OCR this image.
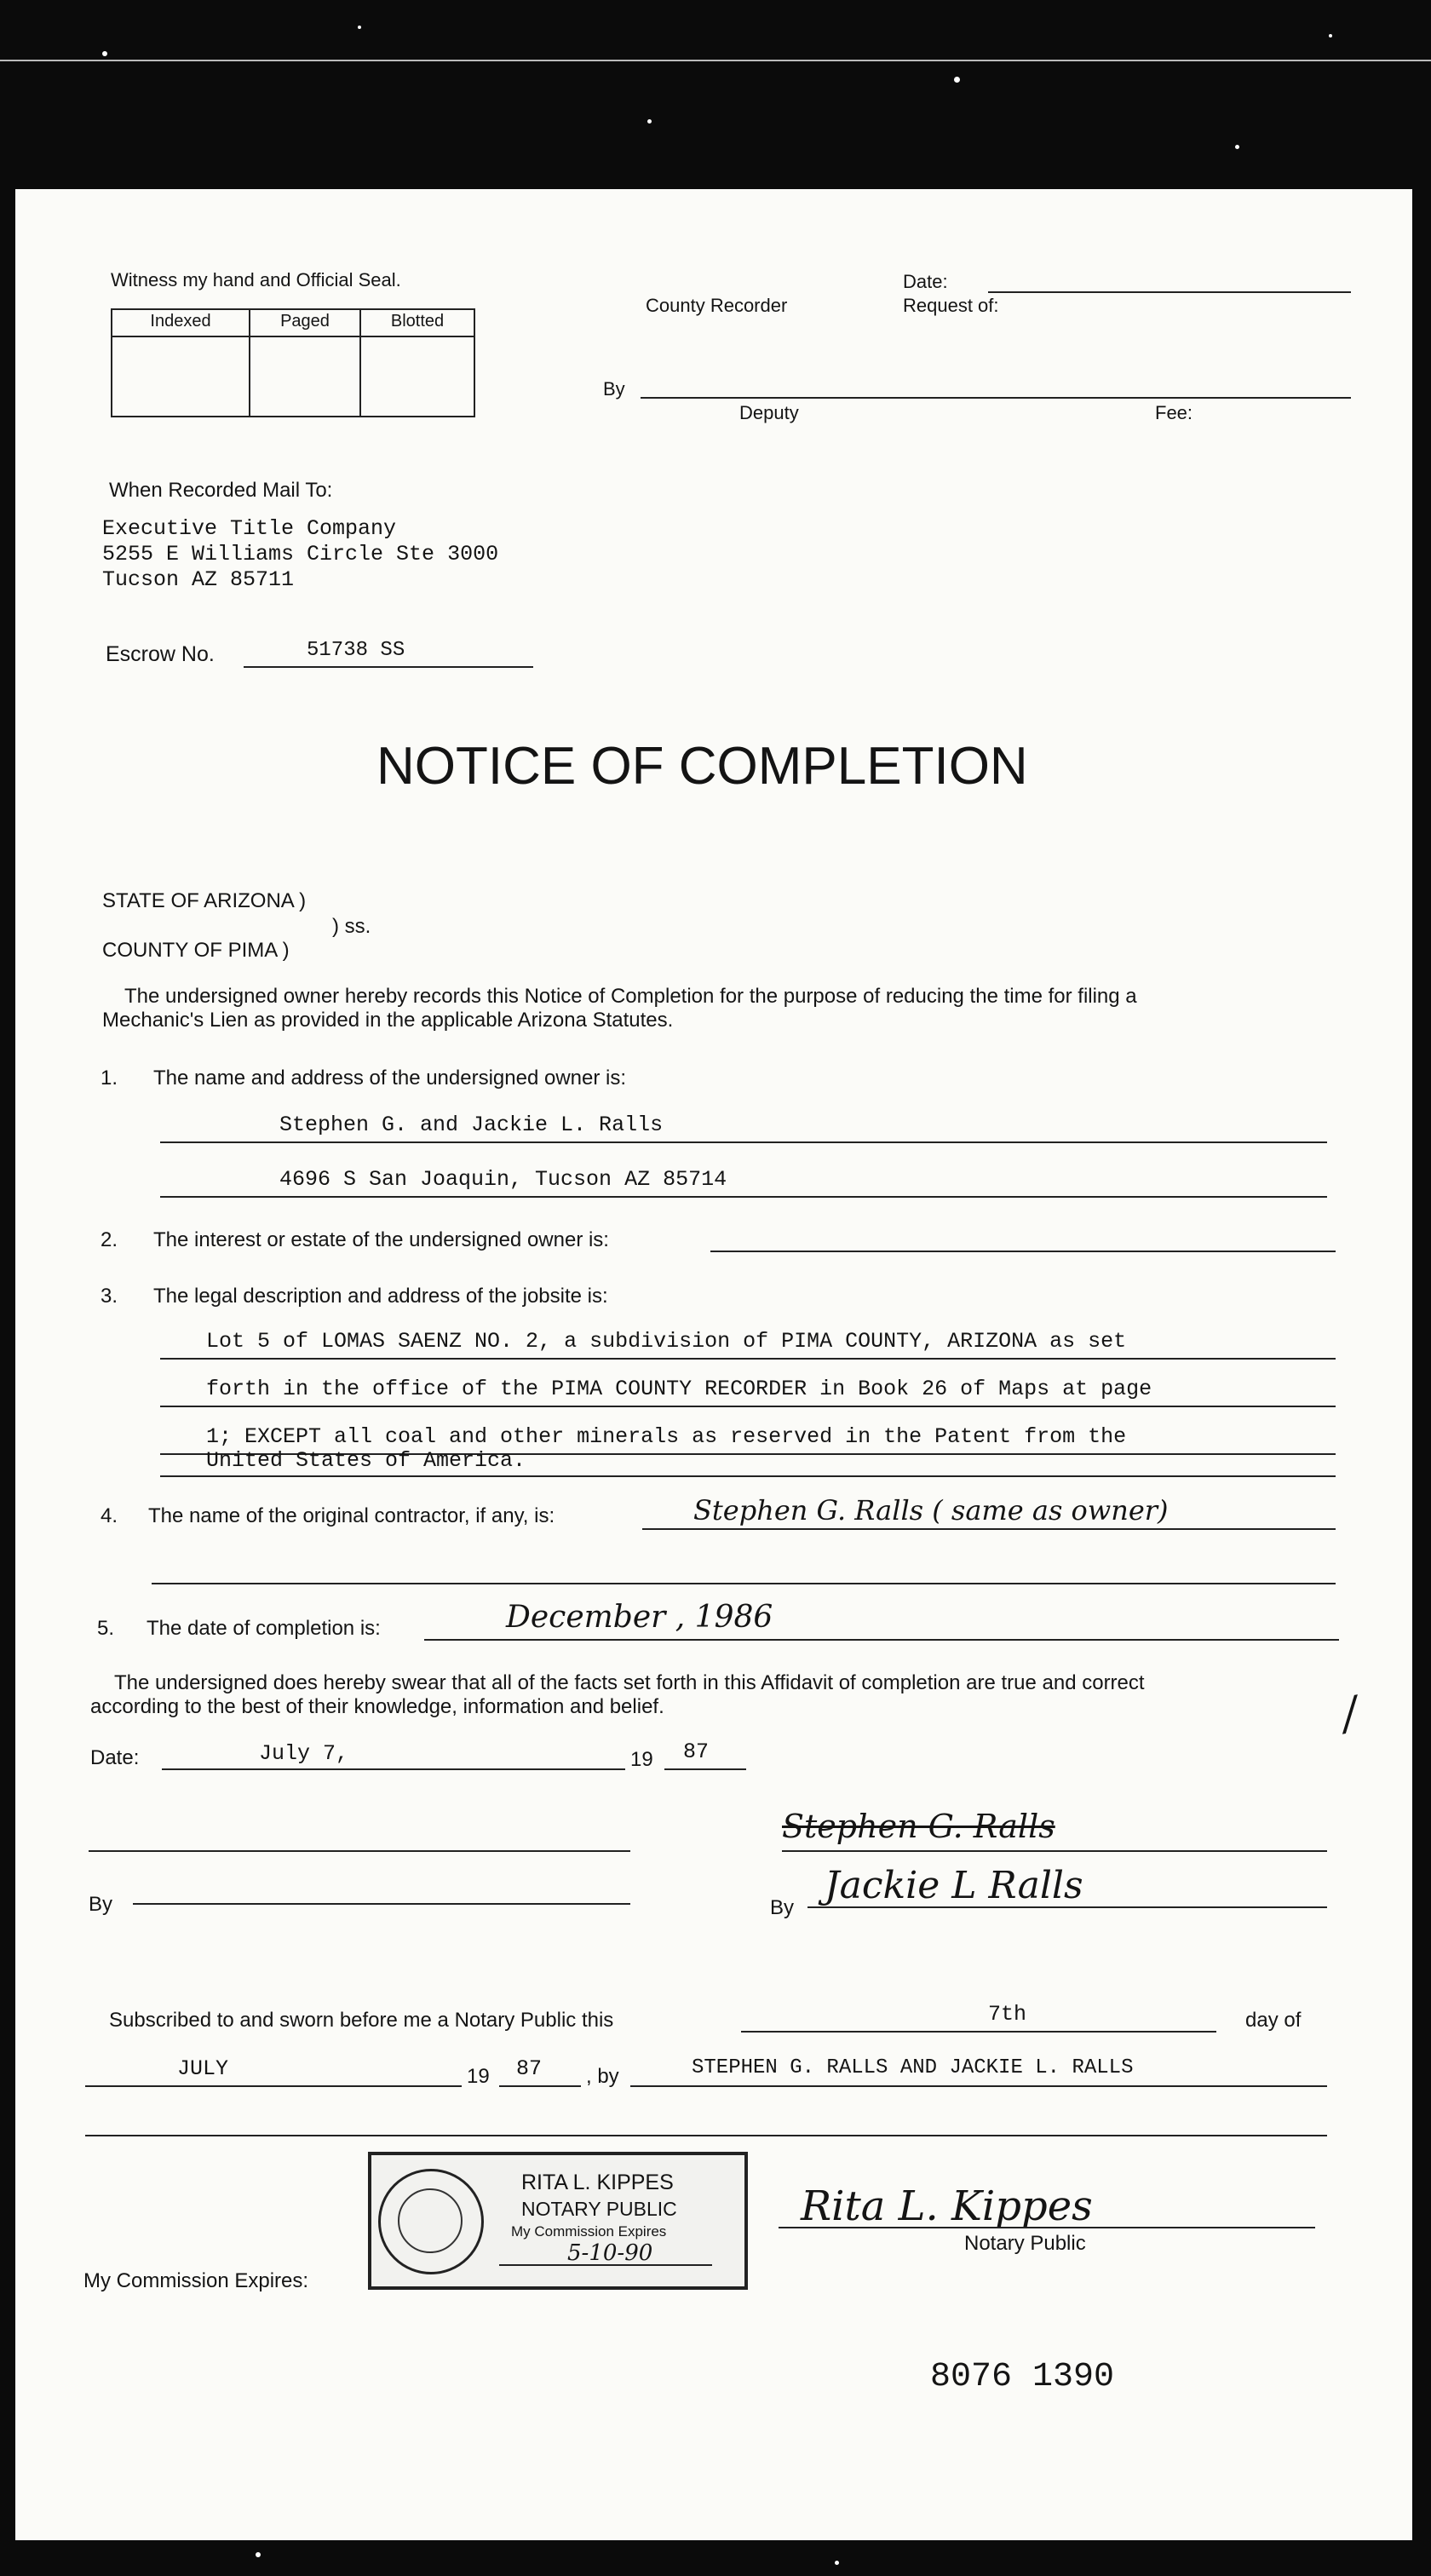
Witness my hand and Official Seal.
Indexed	Paged	Blotted
County Recorder
Date:
Request of:
By
Deputy	Fee:
When Recorded Mail To:
Executive Title Company
5255 E Williams Circle Ste 3000
Tucson AZ 85711
Escrow No.	51738 SS
NOTICE OF COMPLETION
STATE OF ARIZONA )
) ss.
COUNTY OF PIMA )
The undersigned owner hereby records this Notice of Completion for the purpose of reducing the time for filing a
Mechanic's Lien as provided in the applicable Arizona Statutes.
1. The name and address of the undersigned owner is:
Stephen G. and Jackie L. Ralls
4696 S San Joaquin, Tucson AZ 85714
2. The interest or estate of the undersigned owner is:
3. The legal description and address of the jobsite is:
Lot 5 of LOMAS SAENZ NO. 2, a subdivision of PIMA COUNTY, ARIZONA as set
forth in the office of the PIMA COUNTY RECORDER in Book 26 of Maps at page
1; EXCEPT all coal and other minerals as reserved in the Patent from the
United States of America.
4. The name of the original contractor, if any, is:	Stephen G. Ralls ( same as owner)
5. The date of completion is:	December , 1986
The undersigned does hereby swear that all of the facts set forth in this Affidavit of completion are true and correct
according to the best of their knowledge, information and belief.
Date:	July 7,	19 87
By
Stephen G. Ralls
By
Jackie L Ralls
Subscribed to and sworn before me a Notary Public this	7th	day of
JULY	19 87 , by	STEPHEN G. RALLS AND JACKIE L. RALLS
RITA L. KIPPES
NOTARY PUBLIC
My Commission Expires
5-10-90
Rita L. Kippes
Notary Public
My Commission Expires:
8076 1390
/
